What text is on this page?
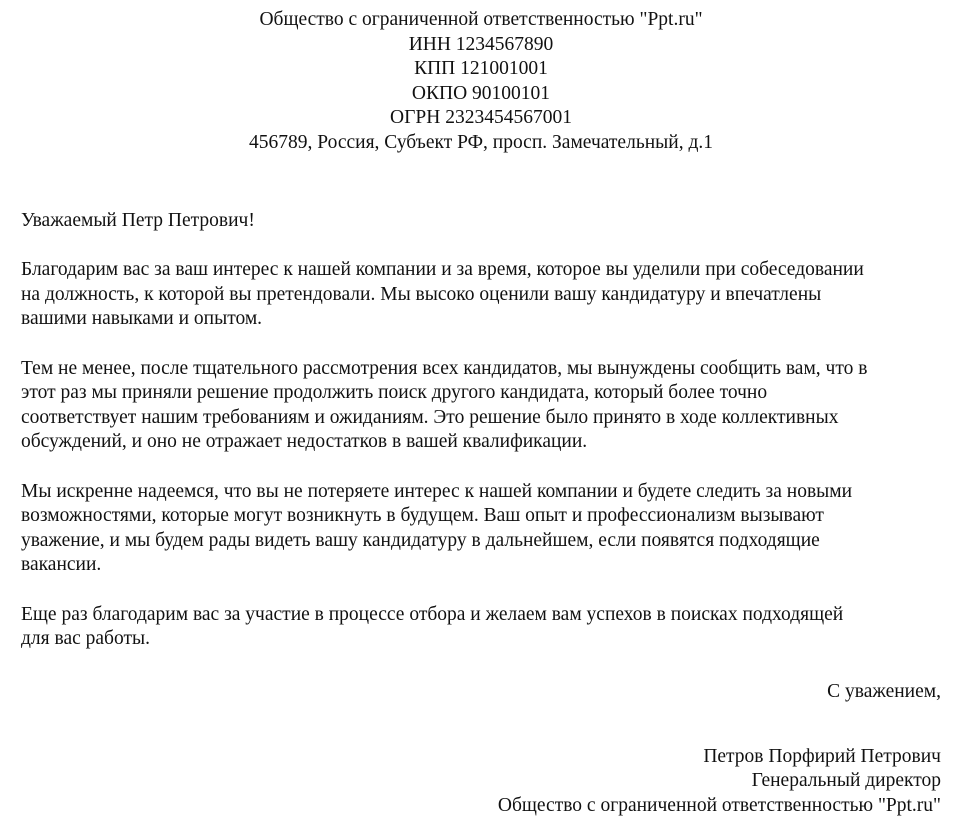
Общество с ограниченной ответственностью "Ppt.ru"
ИНН 1234567890
КПП 121001001
ОКПО 90100101
ОГРН 2323454567001
456789, Россия, Субъект РФ, просп. Замечательный, д.1
Уважаемый Петр Петрович!
Благодарим вас за ваш интерес к нашей компании и за время, которое вы уделили при собеседовании
на должность, к которой вы претендовали. Мы высоко оценили вашу кандидатуру и впечатлены
вашими навыками и опытом.
Тем не менее, после тщательного рассмотрения всех кандидатов, мы вынуждены сообщить вам, что в
этот раз мы приняли решение продолжить поиск другого кандидата, который более точно
соответствует нашим требованиям и ожиданиям. Это решение было принято в ходе коллективных
обсуждений, и оно не отражает недостатков в вашей квалификации.
Мы искренне надеемся, что вы не потеряете интерес к нашей компании и будете следить за новыми
возможностями, которые могут возникнуть в будущем. Ваш опыт и профессионализм вызывают
уважение, и мы будем рады видеть вашу кандидатуру в дальнейшем, если появятся подходящие
вакансии.
Еще раз благодарим вас за участие в процессе отбора и желаем вам успехов в поисках подходящей
для вас работы.
С уважением,
Петров Порфирий Петрович
Генеральный директор
Общество с ограниченной ответственностью "Ppt.ru"
